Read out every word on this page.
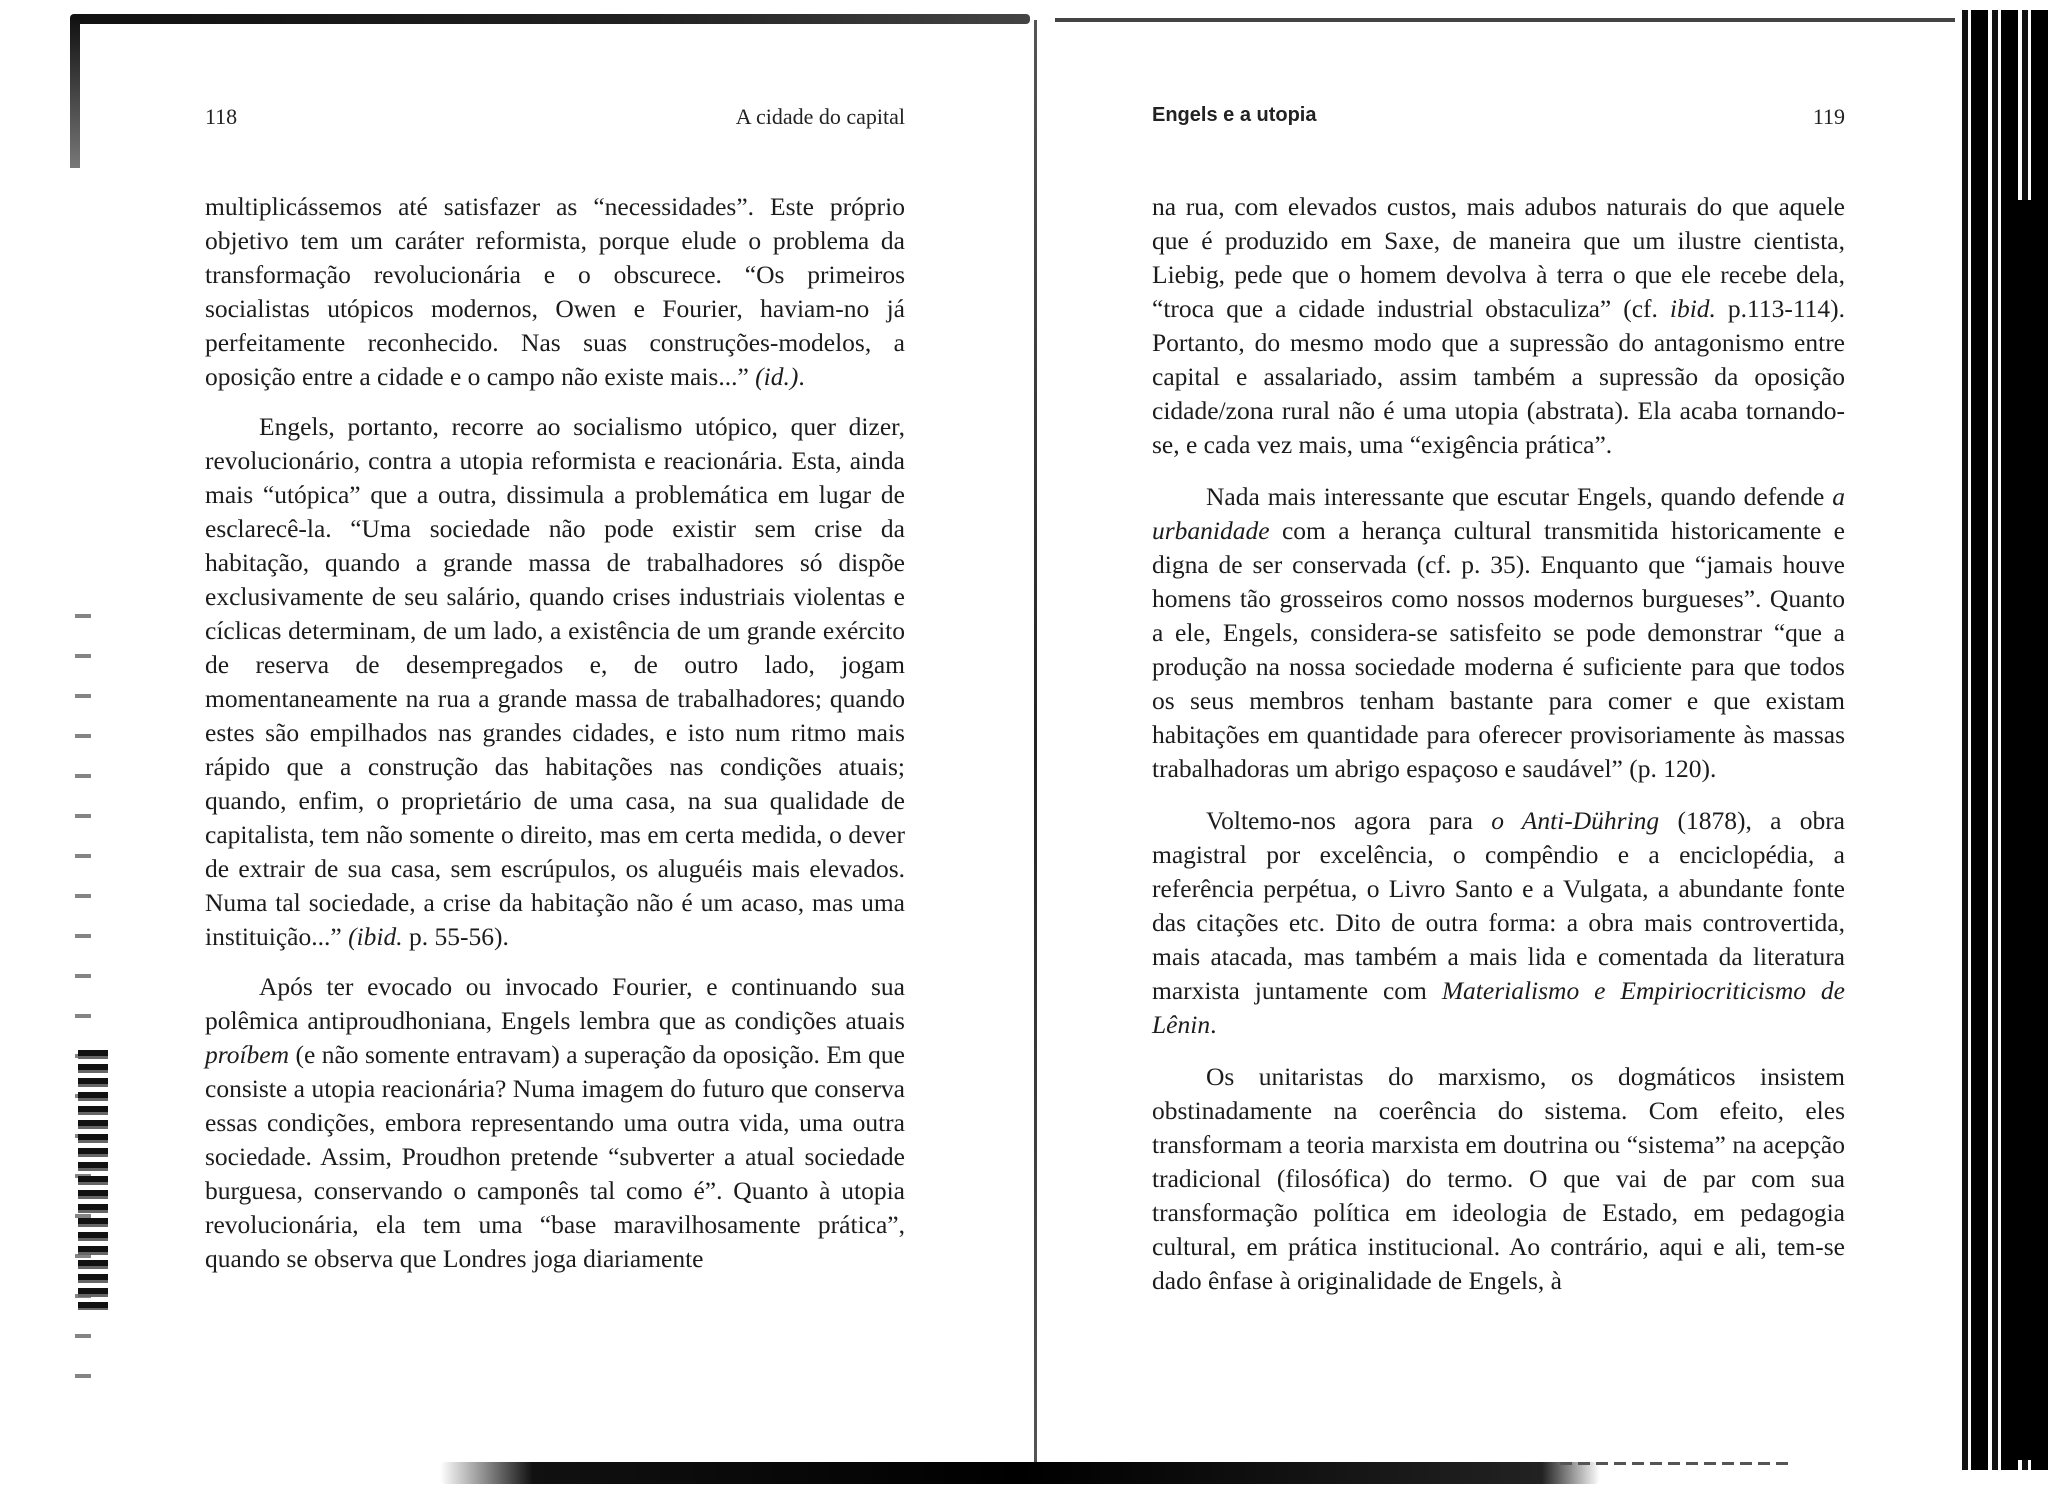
118	A cidade do capital	Engels e a utopia	119

multiplicássemos até satisfazer as “necessidades”. Este próprio objetivo tem um caráter reformista, porque elude o problema da transformação revolucionária e o obscurece. “Os primeiros socialistas utópicos modernos, Owen e Fourier, haviam-no já perfeitamente reconhecido. Nas suas construções-modelos, a oposição entre a cidade e o campo não existe mais...” (id.).

Engels, portanto, recorre ao socialismo utópico, quer dizer, revolucionário, contra a utopia reformista e reacionária. Esta, ainda mais “utópica” que a outra, dissimula a problemática em lugar de esclarecê-la. “Uma sociedade não pode existir sem crise da habitação, quando a grande massa de trabalhadores só dispõe exclusivamente de seu salário, quando crises industriais violentas e cíclicas determinam, de um lado, a existência de um grande exército de reserva de desempregados e, de outro lado, jogam momentaneamente na rua a grande massa de trabalhadores; quando estes são empilhados nas grandes cidades, e isto num ritmo mais rápido que a construção das habitações nas condições atuais; quando, enfim, o proprietário de uma casa, na sua qualidade de capitalista, tem não somente o direito, mas em certa medida, o dever de extrair de sua casa, sem escrúpulos, os aluguéis mais elevados. Numa tal sociedade, a crise da habitação não é um acaso, mas uma instituição...” (ibid. p. 55-56).

Após ter evocado ou invocado Fourier, e continuando sua polêmica antiproudhoniana, Engels lembra que as condições atuais proíbem (e não somente entravam) a superação da oposição. Em que consiste a utopia reacionária? Numa imagem do futuro que conserva essas condições, embora representando uma outra vida, uma outra sociedade. Assim, Proudhon pretende “subverter a atual sociedade burguesa, conservando o camponês tal como é”. Quanto à utopia revolucionária, ela tem uma “base maravilhosamente prática”, quando se observa que Londres joga diariamente

na rua, com elevados custos, mais adubos naturais do que aquele que é produzido em Saxe, de maneira que um ilustre cientista, Liebig, pede que o homem devolva à terra o que ele recebe dela, “troca que a cidade industrial obstaculiza” (cf. ibid. p.113-114). Portanto, do mesmo modo que a supressão do antagonismo entre capital e assalariado, assim também a supressão da oposição cidade/zona rural não é uma utopia (abstrata). Ela acaba tornando-se, e cada vez mais, uma “exigência prática”.

Nada mais interessante que escutar Engels, quando defende a urbanidade com a herança cultural transmitida historicamente e digna de ser conservada (cf. p. 35). Enquanto que “jamais houve homens tão grosseiros como nossos modernos burgueses”. Quanto a ele, Engels, considera-se satisfeito se pode demonstrar “que a produção na nossa sociedade moderna é suficiente para que todos os seus membros tenham bastante para comer e que existam habitações em quantidade para oferecer provisoriamente às massas trabalhadoras um abrigo espaçoso e saudável” (p. 120).

Voltemo-nos agora para o Anti-Dühring (1878), a obra magistral por excelência, o compêndio e a enciclopédia, a referência perpétua, o Livro Santo e a Vulgata, a abundante fonte das citações etc. Dito de outra forma: a obra mais controvertida, mais atacada, mas também a mais lida e comentada da literatura marxista juntamente com Materialismo e Empiriocriticismo de Lênin.

Os unitaristas do marxismo, os dogmáticos insistem obstinadamente na coerência do sistema. Com efeito, eles transformam a teoria marxista em doutrina ou “sistema” na acepção tradicional (filosófica) do termo. O que vai de par com sua transformação política em ideologia de Estado, em pedagogia cultural, em prática institucional. Ao contrário, aqui e ali, tem-se dado ênfase à originalidade de Engels, à
